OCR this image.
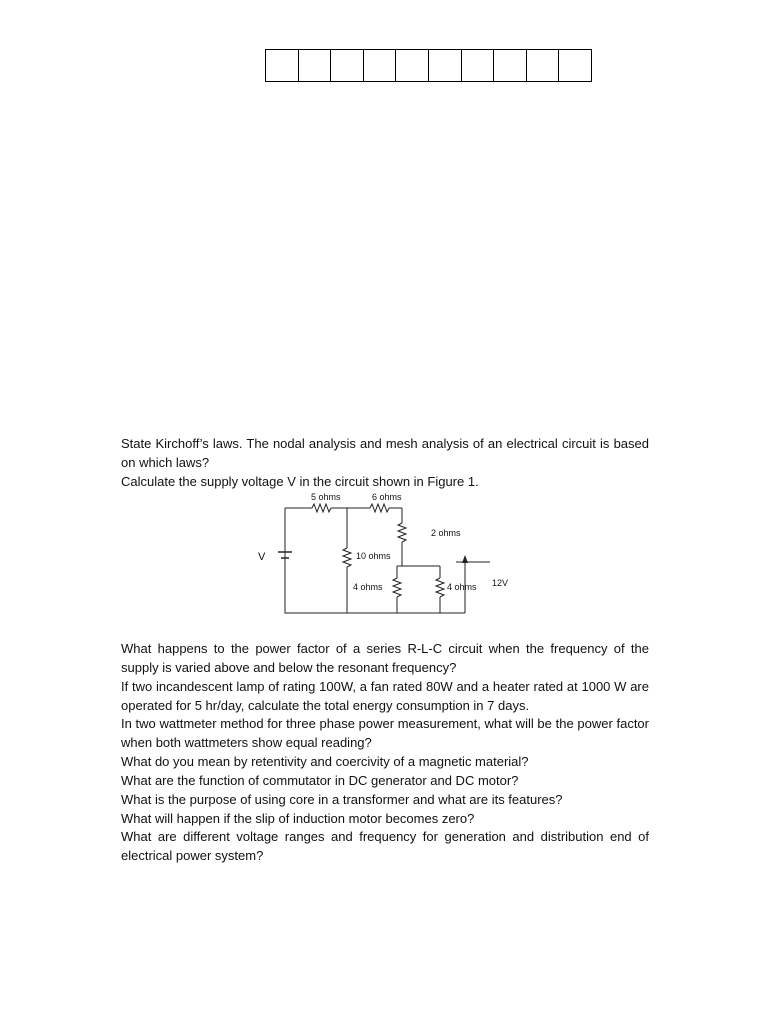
State Kirchoff’s laws. The nodal analysis and mesh analysis of an electrical circuit is based on which laws?

Calculate the supply voltage V in the circuit shown in Figure 1.

5 ohms	6 ohms
2 ohms
10 ohms
4 ohms	4 ohms
V
12V

What happens to the power factor of a series R-L-C circuit when the frequency of the supply is varied above and below the resonant frequency?

If two incandescent lamp of rating 100W, a fan rated 80W and a heater rated at 1000 W are operated for 5 hr/day, calculate the total energy consumption in 7 days.

In two wattmeter method for three phase power measurement, what will be the power factor when both wattmeters show equal reading?

What do you mean by retentivity and coercivity of a magnetic material?

What are the function of commutator in DC generator and DC motor?

What is the purpose of using core in a transformer and what are its features?

What will happen if the slip of induction motor becomes zero?

What are different voltage ranges and frequency for generation and distribution end of electrical power system?
